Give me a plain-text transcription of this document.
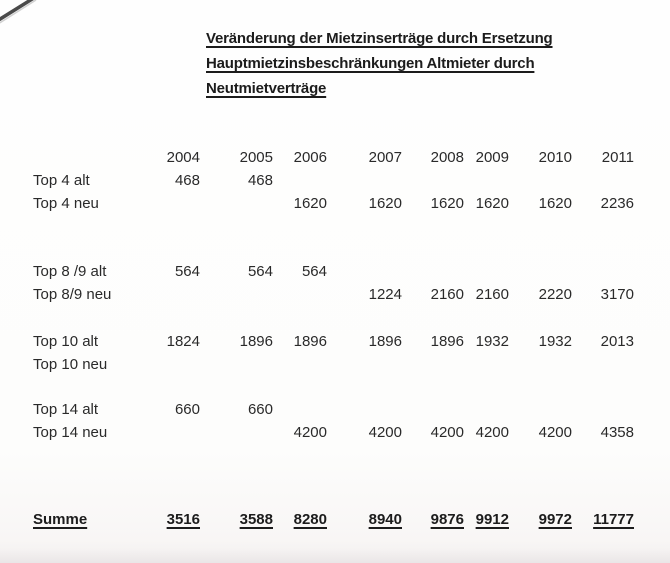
Veränderung der Mietzinserträge durch Ersetzung
Hauptmietzinsbeschränkungen Altmieter durch
Neutmietverträge
	2004	2005	2006	2007	2008	2009	2010	2011
Top 4 alt	468	468						
Top 4 neu			1620	1620	1620	1620	1620	2236

Top 8 /9 alt	564	564	564					
Top 8/9 neu				1224	2160	2160	2220	3170

Top 10 alt	1824	1896	1896	1896	1896	1932	1932	2013
Top 10 neu								

Top 14 alt	660	660						
Top 14 neu			4200	4200	4200	4200	4200	4358

Summe	3516	3588	8280	8940	9876	9912	9972	11777
